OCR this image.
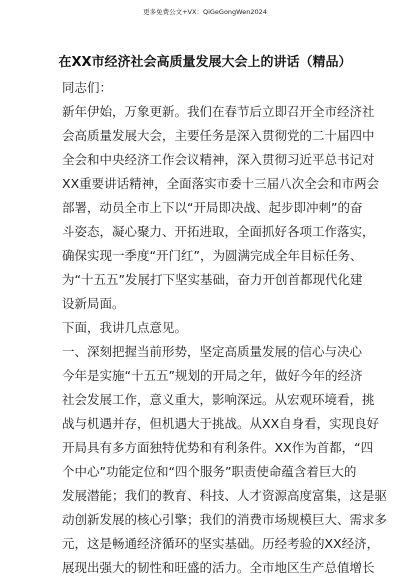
更多免费公文+VX：QiGeGongWen2024
在XX市经济社会高质量发展大会上的讲话（精品）
同志们：
新年伊始，万象更新。我们在春节后立即召开全市经济社
会高质量发展大会，主要任务是深入贯彻党的二十届四中
全会和中央经济工作会议精神，深入贯彻习近平总书记对
XX重要讲话精神，全面落实市委十三届八次全会和市两会
部署，动员全市上下以“开局即决战、起步即冲刺”的奋
斗姿态，凝心聚力、开拓进取，全面抓好各项工作落实，
确保实现一季度“开门红”，为圆满完成全年目标任务、
为“十五五”发展打下坚实基础，奋力开创首都现代化建
设新局面。
下面，我讲几点意见。
一、深刻把握当前形势，坚定高质量发展的信心与决心
今年是实施“十五五”规划的开局之年，做好今年的经济
社会发展工作，意义重大，影响深远。从宏观环境看，挑
战与机遇并存，但机遇大于挑战。从XX自身看，实现良好
开局具有多方面独特优势和有利条件。XX作为首都，“四
个中心”功能定位和“四个服务”职责使命蕴含着巨大的
发展潜能；我们的教育、科技、人才资源高度富集，这是驱
动创新发展的核心引擎；我们的消费市场规模巨大、需求多
元，这是畅通经济循环的坚实基础。历经考验的XX经济，
展现出强大的韧性和旺盛的活力。全市地区生产总值增长
